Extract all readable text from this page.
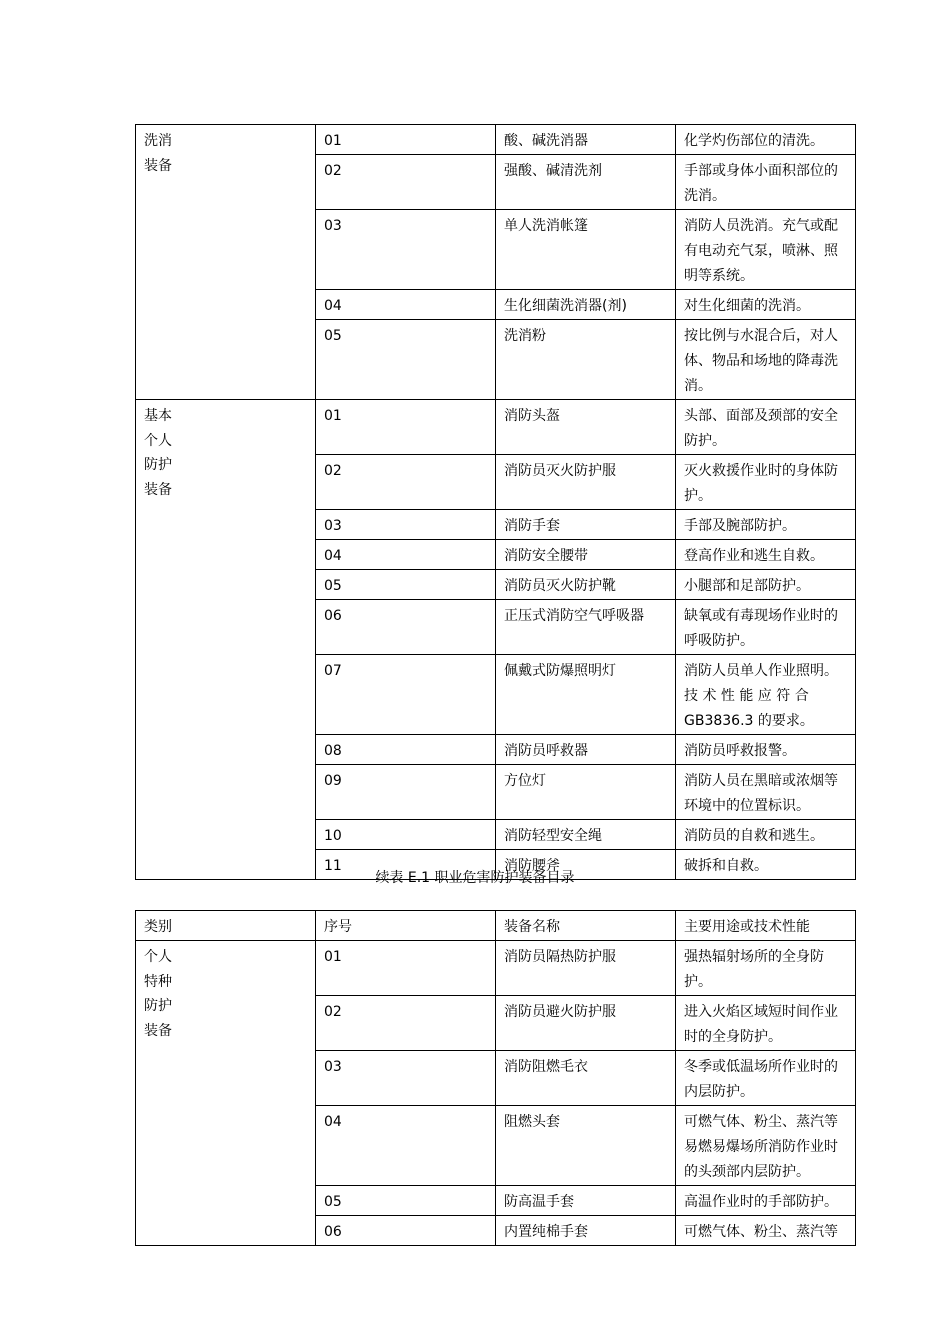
洗消
装备	01	酸、碱洗消器	化学灼伤部位的清洗。

	02	强酸、碱清洗剂	手部或身体小面积部位的
洗消。

	03	单人洗消帐篷	消防人员洗消。充气或配
有电动充气泵，喷淋、照
明等系统。

	04	生化细菌洗消器(剂)	对生化细菌的洗消。

	05	洗消粉	按比例与水混合后，对人
体、物品和场地的降毒洗
消。

基本
个人
防护
装备	01	消防头盔	头部、面部及颈部的安全
防护。

	02	消防员灭火防护服	灭火救援作业时的身体防
护。

	03	消防手套	手部及腕部防护。

	04	消防安全腰带	登高作业和逃生自救。

	05	消防员灭火防护靴	小腿部和足部防护。

	06	正压式消防空气呼吸器	缺氧或有毒现场作业时的
呼吸防护。

	07	佩戴式防爆照明灯	消防人员单人作业照明。
技 术 性 能 应 符 合
GB3836.3 的要求。

	08	消防员呼救器	消防员呼救报警。

	09	方位灯	消防人员在黑暗或浓烟等
环境中的位置标识。

	10	消防轻型安全绳	消防员的自救和逃生。

	11	消防腰斧	破拆和自救。
续表 E.1 职业危害防护装备目录
类别	序号	装备名称	主要用途或技术性能

个人
特种
防护
装备	01	消防员隔热防护服	强热辐射场所的全身防
护。

	02	消防员避火防护服	进入火焰区域短时间作业
时的全身防护。

	03	消防阻燃毛衣	冬季或低温场所作业时的
内层防护。

	04	阻燃头套	可燃气体、粉尘、蒸汽等
易燃易爆场所消防作业时
的头颈部内层防护。

	05	防高温手套	高温作业时的手部防护。

	06	内置纯棉手套	可燃气体、粉尘、蒸汽等
